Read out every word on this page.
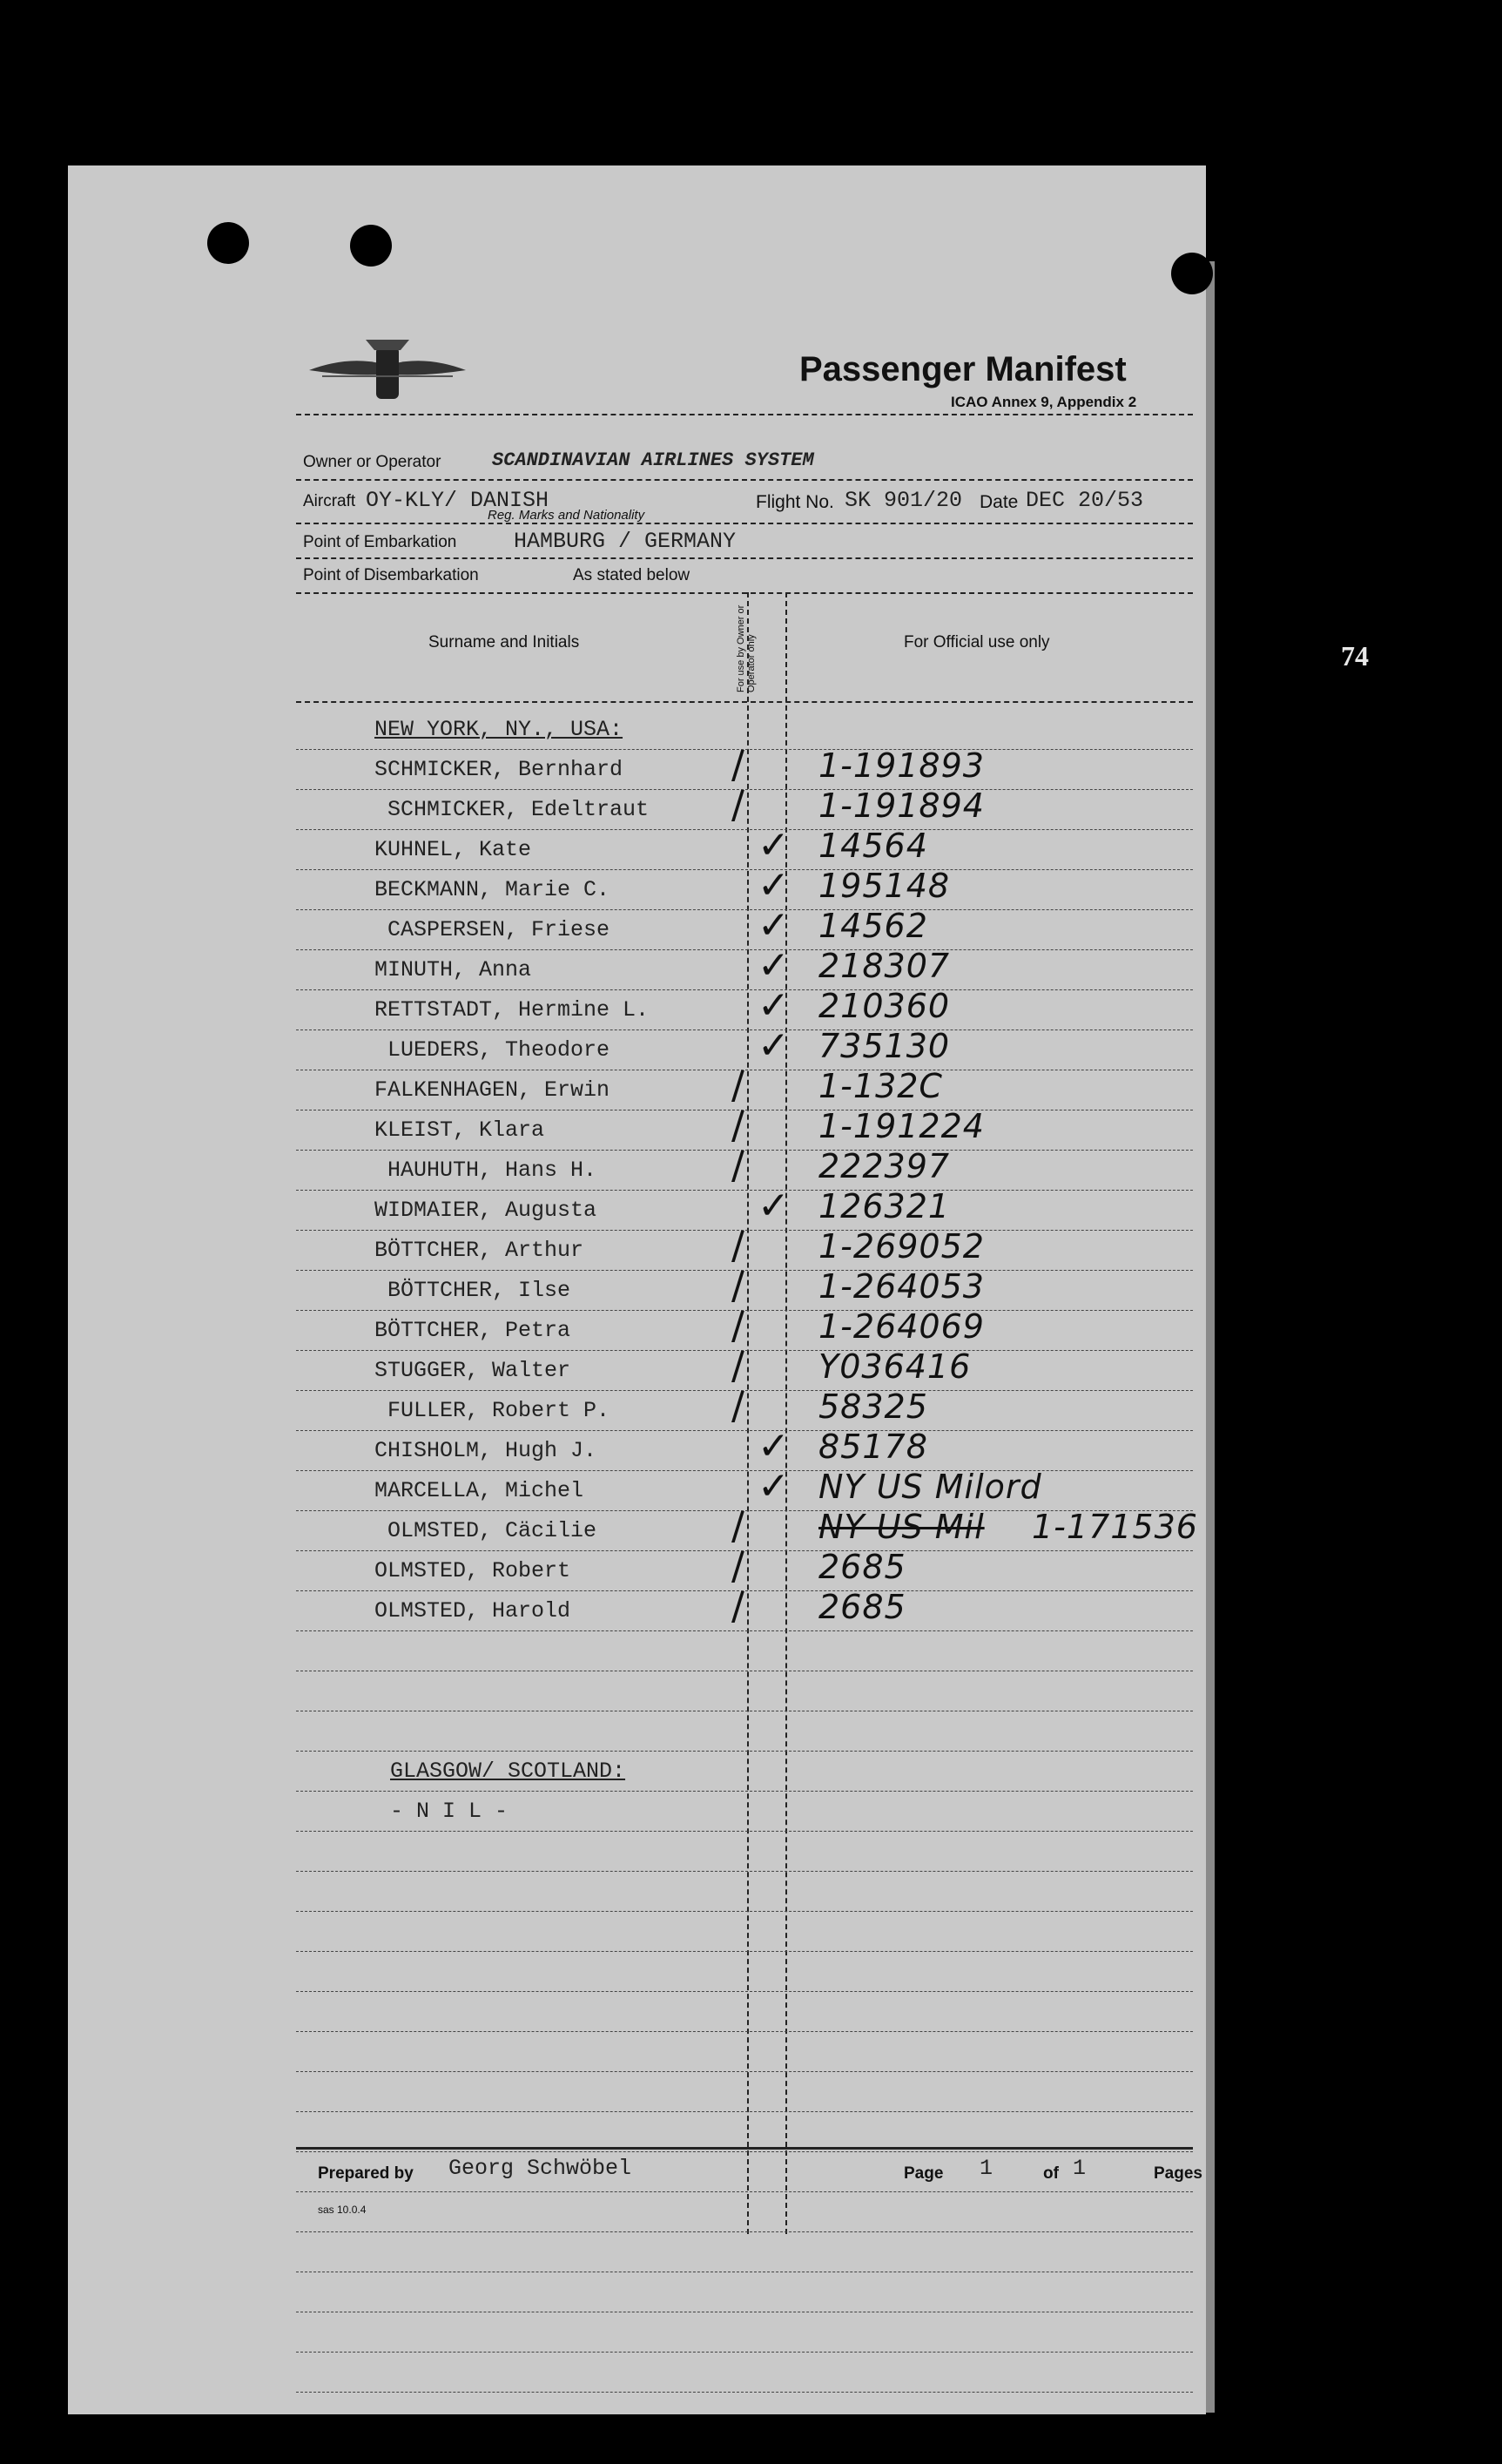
74
Passenger Manifest
ICAO Annex 9, Appendix 2
Owner or Operator	SCANDINAVIAN AIRLINES SYSTEM
Aircraft OY-KLY/ DANISH
Reg. Marks and Nationality
Flight No. SK 901/20 Date DEC 20/53
Point of Embarkation	HAMBURG / GERMANY
Point of Disembarkation	As stated below
Surname and Initials	For use by Owner or Operator only	For Official use only
NEW YORK, NY., USA:
SCHMICKER, Bernhard	/ 1-191893
SCHMICKER, Edeltraut / 1-191894
KUHNEL, Kate	✓ 14564
BECKMANN, Marie C.	✓ 195148
CASPERSEN, Friese	✓ 14562
MINUTH, Anna	✓ 218307
RETTSTADT, Hermine L.	✓ 210360
LUEDERS, Theodore	✓ 735130
FALKENHAGEN, Erwin	/ 1-132C
KLEIST, Klara	/ 1-191224
HAUHUTH, Hans H.	/ 222397
WIDMAIER, Augusta	✓ 126321
BÖTTCHER, Arthur	/ 1-269052
BÖTTCHER, Ilse	/ 1-264053
BÖTTCHER, Petra	/ 1-264069
STUGGER, Walter	/ Y036416
FULLER, Robert P.	/ 58325
CHISHOLM, Hugh J.	✓ 85178
MARCELLA, Michel	✓ NY US Milord
OLMSTED, Cäcilie	/ NY US Mil 1-171536
OLMSTED, Robert	/ 2685
OLMSTED, Harold	/ 2685
GLASGOW/ SCOTLAND:
- N I L -
Prepared by Georg Schwöbel	Page 1	of 1	Pages
sas 10.0.4
